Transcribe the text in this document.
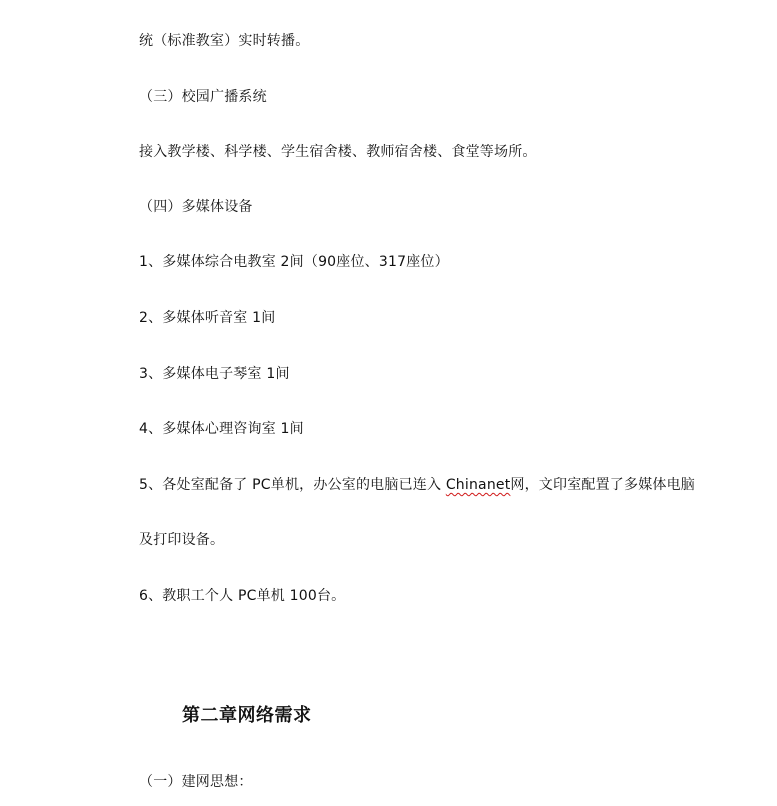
统（标准教室）实时转播。
（三）校园广播系统
接入教学楼、科学楼、学生宿舍楼、教师宿舍楼、食堂等场所。
（四）多媒体设备
1、多媒体综合电教室 2间（90座位、317座位）
2、多媒体听音室 1间
3、多媒体电子琴室 1间
4、多媒体心理咨询室 1间
5、各处室配备了 PC单机，办公室的电脑已连入 Chinanet网，文印室配置了多媒体电脑
及打印设备。
6、教职工个人 PC单机 100台。
第二章网络需求
（一）建网思想：
